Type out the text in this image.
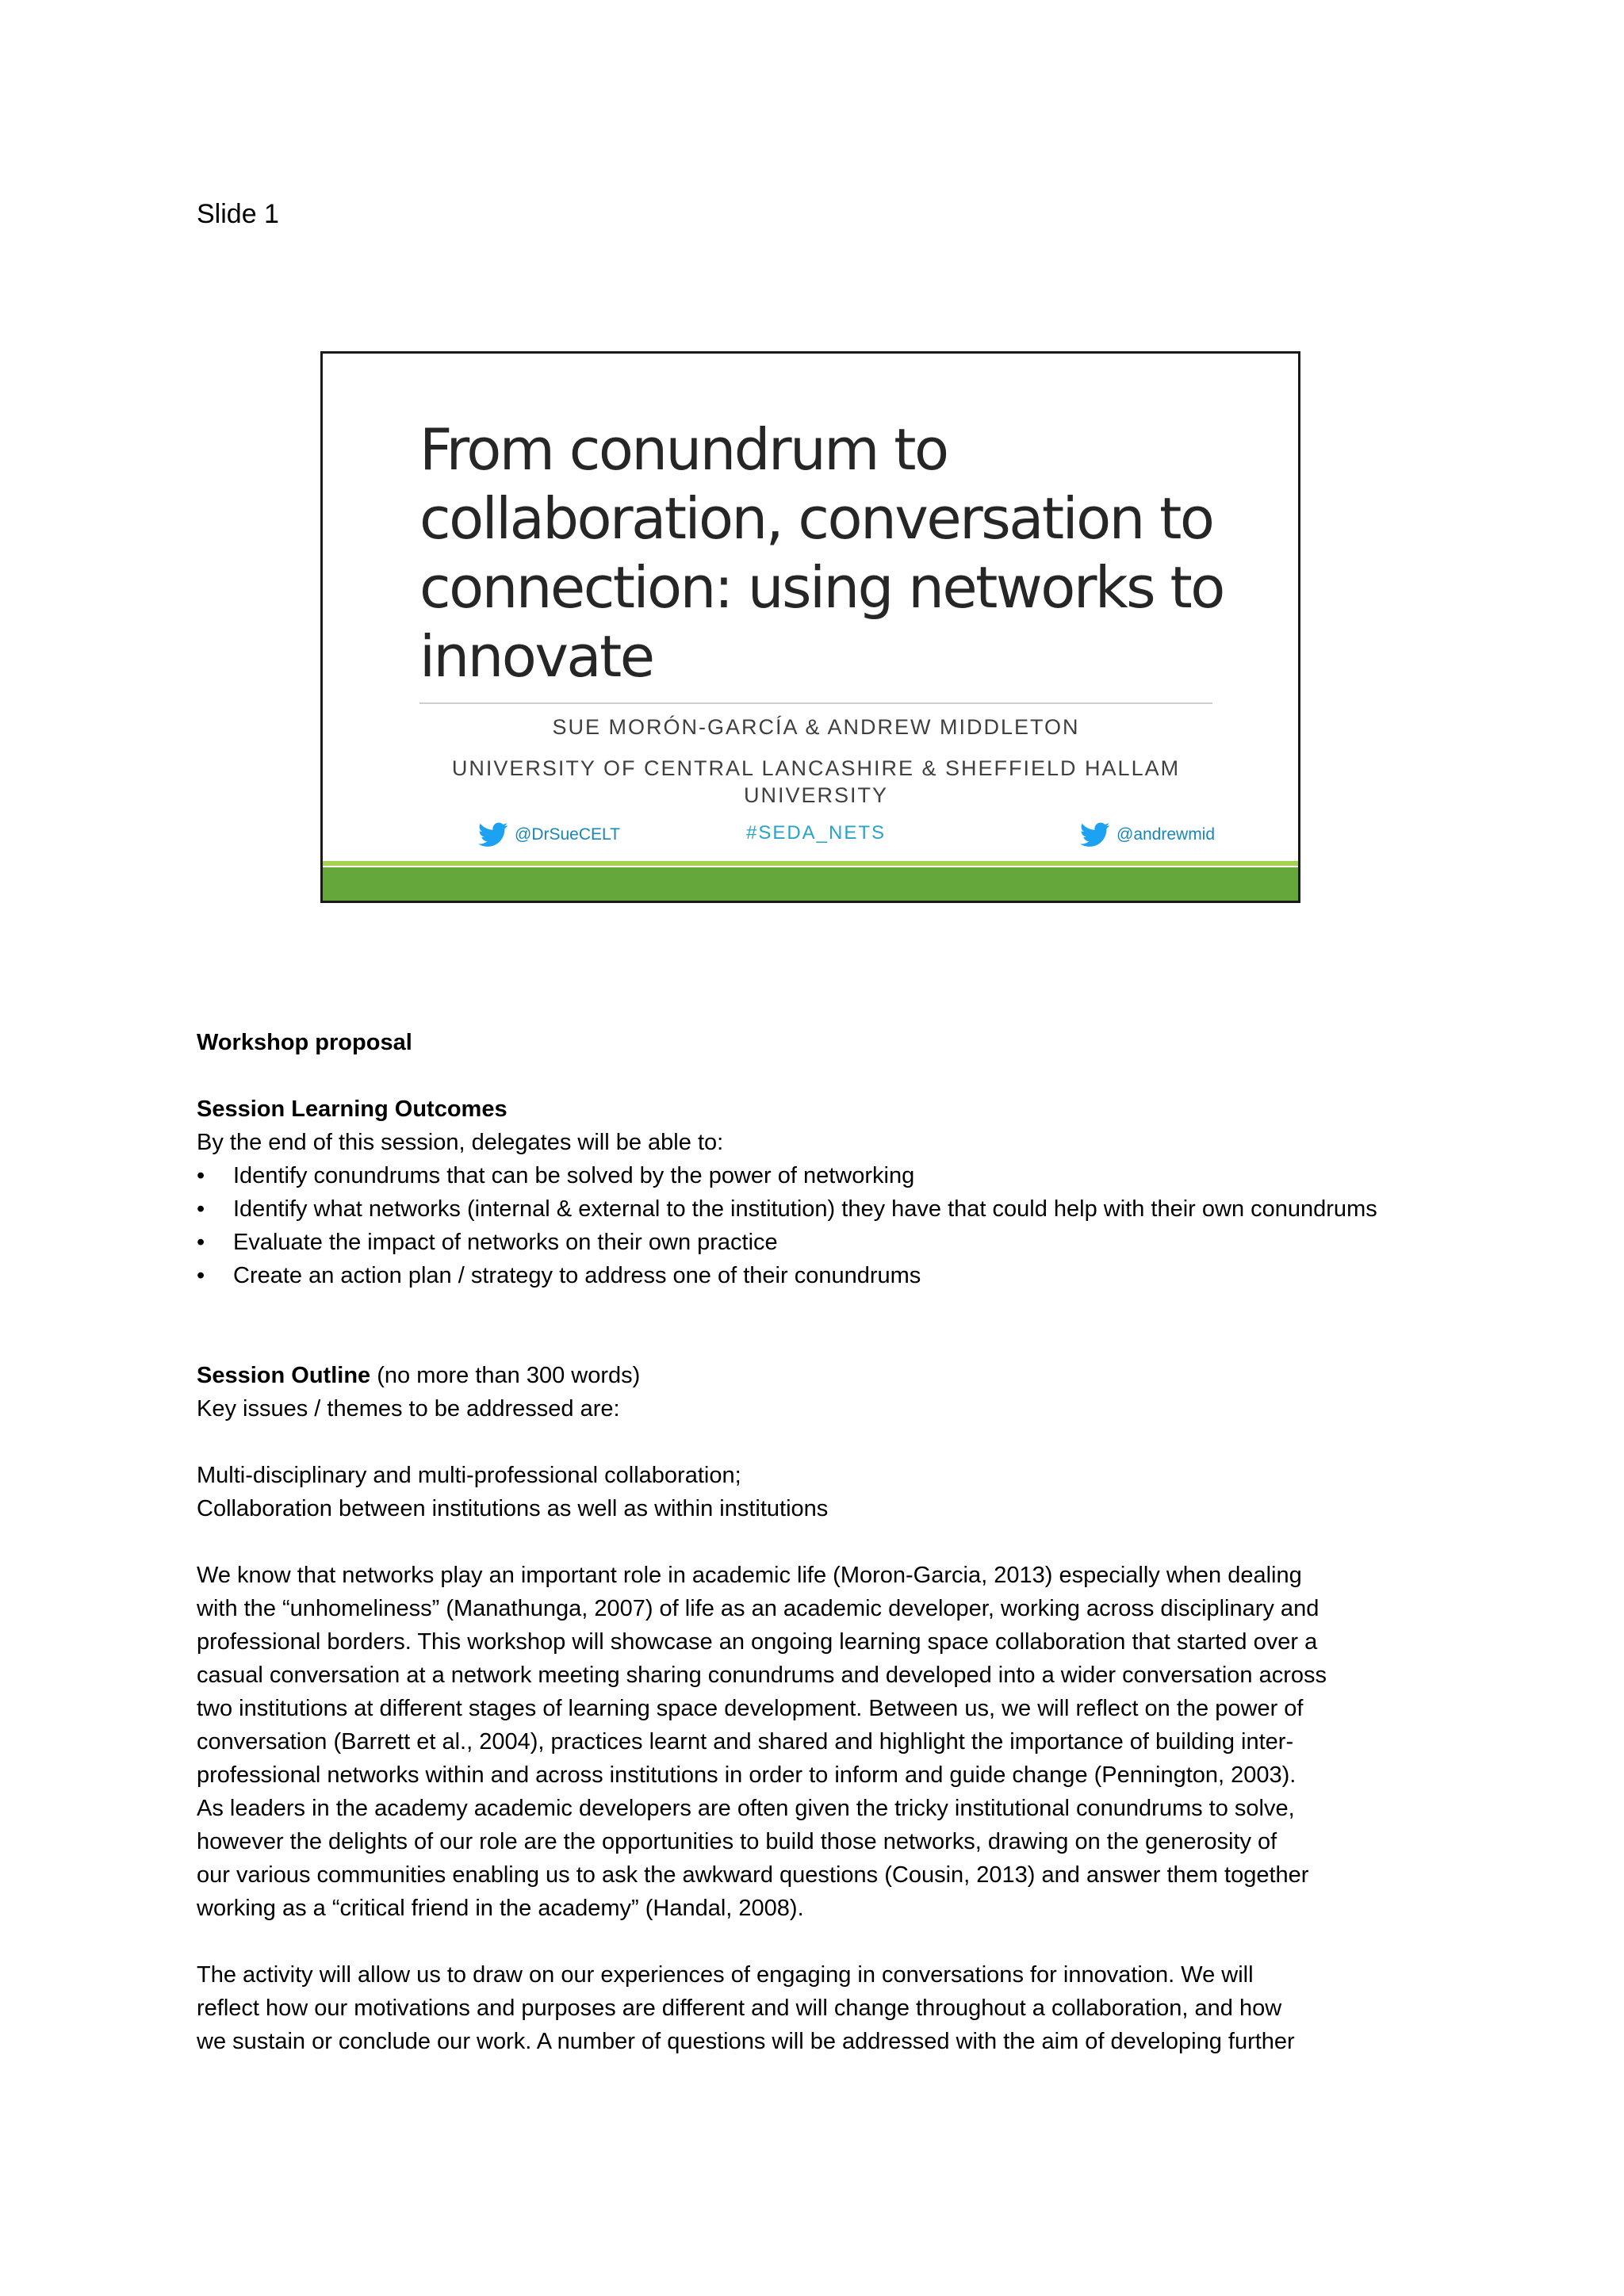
Slide 1
From conundrum to collaboration, conversation to connection: using networks to innovate
SUE MORÓN-GARCÍA & ANDREW MIDDLETON
UNIVERSITY OF CENTRAL LANCASHIRE & SHEFFIELD HALLAM UNIVERSITY
@DrSueCELT	#SEDA_NETS	@andrewmid
Workshop proposal
Session Learning Outcomes
By the end of this session, delegates will be able to:
• Identify conundrums that can be solved by the power of networking
• Identify what networks (internal & external to the institution) they have that could help with their own conundrums
• Evaluate the impact of networks on their own practice
• Create an action plan / strategy to address one of their conundrums
Session Outline (no more than 300 words)
Key issues / themes to be addressed are:
Multi-disciplinary and multi-professional collaboration;
Collaboration between institutions as well as within institutions
We know that networks play an important role in academic life (Moron-Garcia, 2013) especially when dealing
with the “unhomeliness” (Manathunga, 2007) of life as an academic developer, working across disciplinary and
professional borders. This workshop will showcase an ongoing learning space collaboration that started over a
casual conversation at a network meeting sharing conundrums and developed into a wider conversation across
two institutions at different stages of learning space development. Between us, we will reflect on the power of
conversation (Barrett et al., 2004), practices learnt and shared and highlight the importance of building inter-
professional networks within and across institutions in order to inform and guide change (Pennington, 2003).
As leaders in the academy academic developers are often given the tricky institutional conundrums to solve,
however the delights of our role are the opportunities to build those networks, drawing on the generosity of
our various communities enabling us to ask the awkward questions (Cousin, 2013) and answer them together
working as a “critical friend in the academy” (Handal, 2008).
The activity will allow us to draw on our experiences of engaging in conversations for innovation. We will
reflect how our motivations and purposes are different and will change throughout a collaboration, and how
we sustain or conclude our work. A number of questions will be addressed with the aim of developing further
